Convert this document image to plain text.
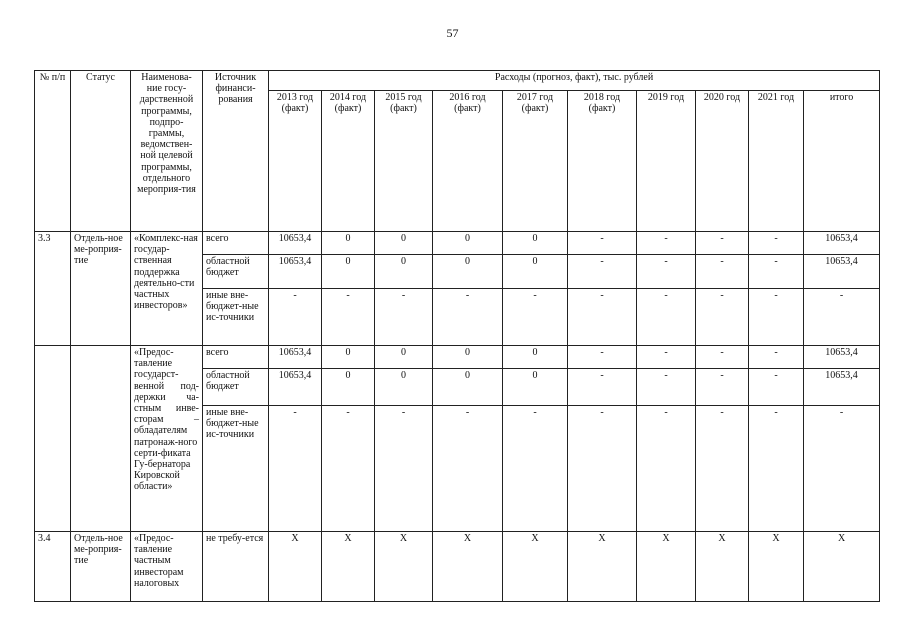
57
№ п/п	Статус	Наименова-ние госу-дарственной программы, подпро-граммы, ведомствен-ной целевой программы, отдельного мероприя-тия	Источник финанси-рования	Расходы (прогноз, факт), тыс. рублей									
				2013 год (факт)	2014 год (факт)	2015 год (факт)	2016 год (факт)	2017 год (факт)	2018 год (факт)	2019 год	2020 год	2021 год	итого
3.3	Отдель-ное ме-роприя-тие	«Комплекс-ная государ-ственная поддержка деятельно-сти частных инвесторов»	всего	10653,4	0	0	0	0	-	-	-	-	10653,4
			областной бюджет	10653,4	0	0	0	0	-	-	-	-	10653,4
			иные вне-бюджет-ные ис-точники	-	-	-	-	-	-	-	-	-	-
		«Предос-тавление государст-венной под-держки ча-стным инве-сторам – обладателям патронаж-ного серти-фиката Гу-бернатора Кировской области»	всего	10653,4	0	0	0	0	-	-	-	-	10653,4
			областной бюджет	10653,4	0	0	0	0	-	-	-	-	10653,4
			иные вне-бюджет-ные ис-точники	-	-	-	-	-	-	-	-	-	-
3.4	Отдель-ное ме-роприя-тие	«Предос-тавление частным инвесторам налоговых	не требу-ется	X	X	X	X	X	X	X	X	X	X
